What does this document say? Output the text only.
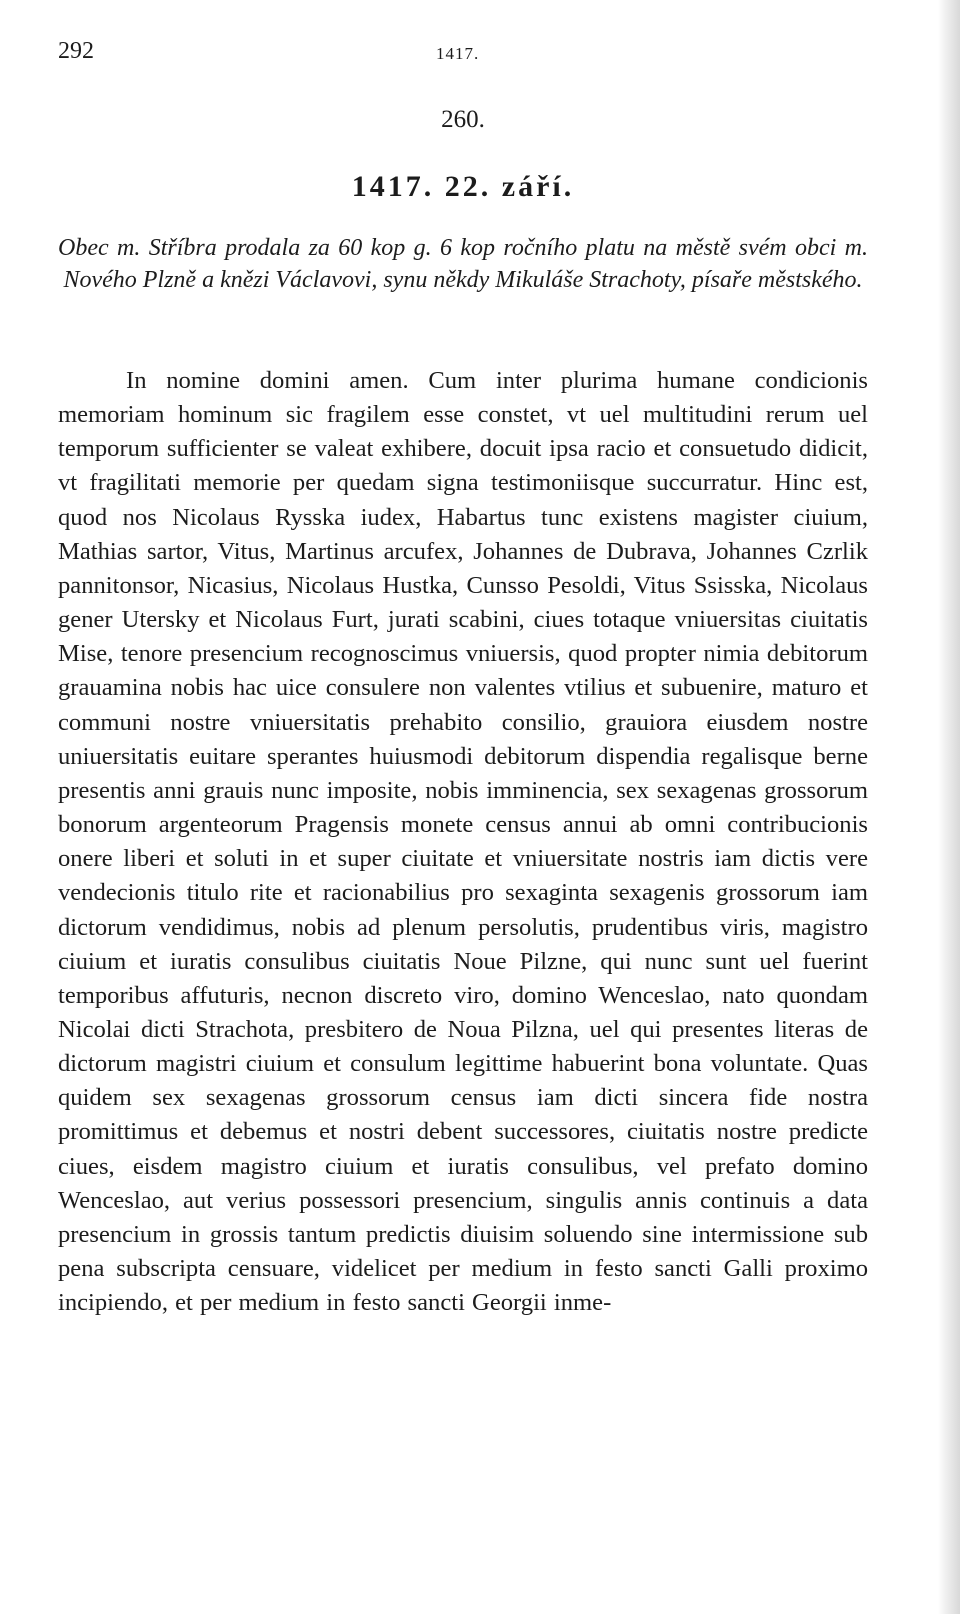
292	1417.
260.
1417. 22. září.
Obec m. Stříbra prodala za 60 kop g. 6 kop ročního platu na městě svém obci m. Nového Plzně a knězi Václavovi, synu někdy Mikuláše Strachoty, písaře městského.

In nomine domini amen. Cum inter plurima humane condicionis memoriam hominum sic fragilem esse constet, vt uel multitudini rerum uel temporum sufficienter se valeat exhibere, docuit ipsa racio et consuetudo didicit, vt fragilitati memorie per quedam signa testimoniisque succurratur. Hinc est, quod nos Nicolaus Rysska iudex, Habartus tunc existens magister ciuium, Mathias sartor, Vitus, Martinus arcufex, Johannes de Dubrava, Johannes Czrlik pannitonsor, Nicasius, Nicolaus Hustka, Cunsso Pesoldi, Vitus Ssisska, Nicolaus gener Utersky et Nicolaus Furt, jurati scabini, ciues totaque vniuersitas ciuitatis Mise, tenore presencium recognoscimus vniuersis, quod propter nimia debitorum grauamina nobis hac uice consulere non valentes vtilius et subuenire, maturo et communi nostre vniuersitatis prehabito consilio, grauiora eiusdem nostre uniuersitatis euitare sperantes huiusmodi debitorum dispendia regalisque berne presentis anni grauis nunc imposite, nobis imminencia, sex sexagenas grossorum bonorum argenteorum Pragensis monete census annui ab omni contribucionis onere liberi et soluti in et super ciuitate et vniuersitate nostris iam dictis vere vendecionis titulo rite et racionabilius pro sexaginta sexagenis grossorum iam dictorum vendidimus, nobis ad plenum persolutis, prudentibus viris, magistro ciuium et iuratis consulibus ciuitatis Noue Pilzne, qui nunc sunt uel fuerint temporibus affuturis, necnon discreto viro, domino Wenceslao, nato quondam Nicolai dicti Strachota, presbitero de Noua Pilzna, uel qui presentes literas de dictorum magistri ciuium et consulum legittime habuerint bona voluntate. Quas quidem sex sexagenas grossorum census iam dicti sincera fide nostra promittimus et debemus et nostri debent successores, ciuitatis nostre predicte ciues, eisdem magistro ciuium et iuratis consulibus, vel prefato domino Wenceslao, aut verius possessori presencium, singulis annis continuis a data presencium in grossis tantum predictis diuisim soluendo sine intermissione sub pena subscripta censuare, videlicet per medium in festo sancti Galli proximo incipiendo, et per medium in festo sancti Georgii inme-
